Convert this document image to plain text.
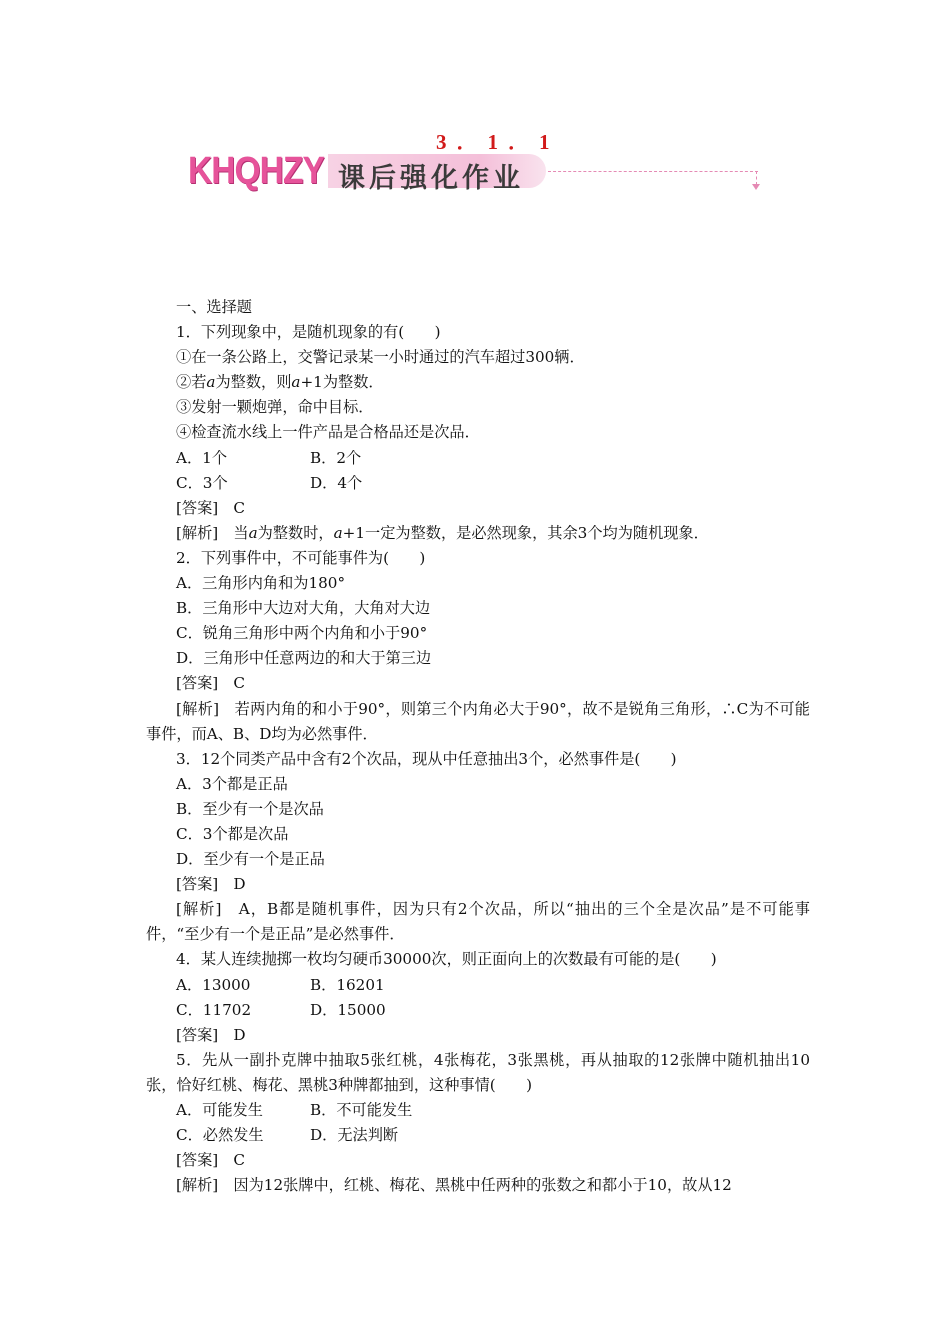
3．1．1
KHQHZY 课后强化作业
一、选择题
1．下列现象中，是随机现象的有(　　)
①在一条公路上，交警记录某一小时通过的汽车超过300辆．
②若a为整数，则a+1为整数．
③发射一颗炮弹，命中目标．
④检查流水线上一件产品是合格品还是次品．
A．1个	B．2个
C．3个	D．4个
[答案]　C
[解析]　当a为整数时，a+1一定为整数，是必然现象，其余3个均为随机现象．
2．下列事件中，不可能事件为(　　)
A．三角形内角和为180°
B．三角形中大边对大角，大角对大边
C．锐角三角形中两个内角和小于90°
D．三角形中任意两边的和大于第三边
[答案]　C
[解析]　若两内角的和小于90°，则第三个内角必大于90°，故不是锐角三角形，∴C为不可能事件，而A、B、D均为必然事件．
3．12个同类产品中含有2个次品，现从中任意抽出3个，必然事件是(　　)
A．3个都是正品
B．至少有一个是次品
C．3个都是次品
D．至少有一个是正品
[答案]　D
[解析]　A，B都是随机事件，因为只有2个次品，所以“抽出的三个全是次品”是不可能事件，“至少有一个是正品”是必然事件．
4．某人连续抛掷一枚均匀硬币30000次，则正面向上的次数最有可能的是(　　)
A．13000	B．16201
C．11702	D．15000
[答案]　D
5．先从一副扑克牌中抽取5张红桃，4张梅花，3张黑桃，再从抽取的12张牌中随机抽出10张，恰好红桃、梅花、黑桃3种牌都抽到，这种事情(　　)
A．可能发生	B．不可能发生
C．必然发生	D．无法判断
[答案]　C
[解析]　因为12张牌中，红桃、梅花、黑桃中任两种的张数之和都小于10，故从12
